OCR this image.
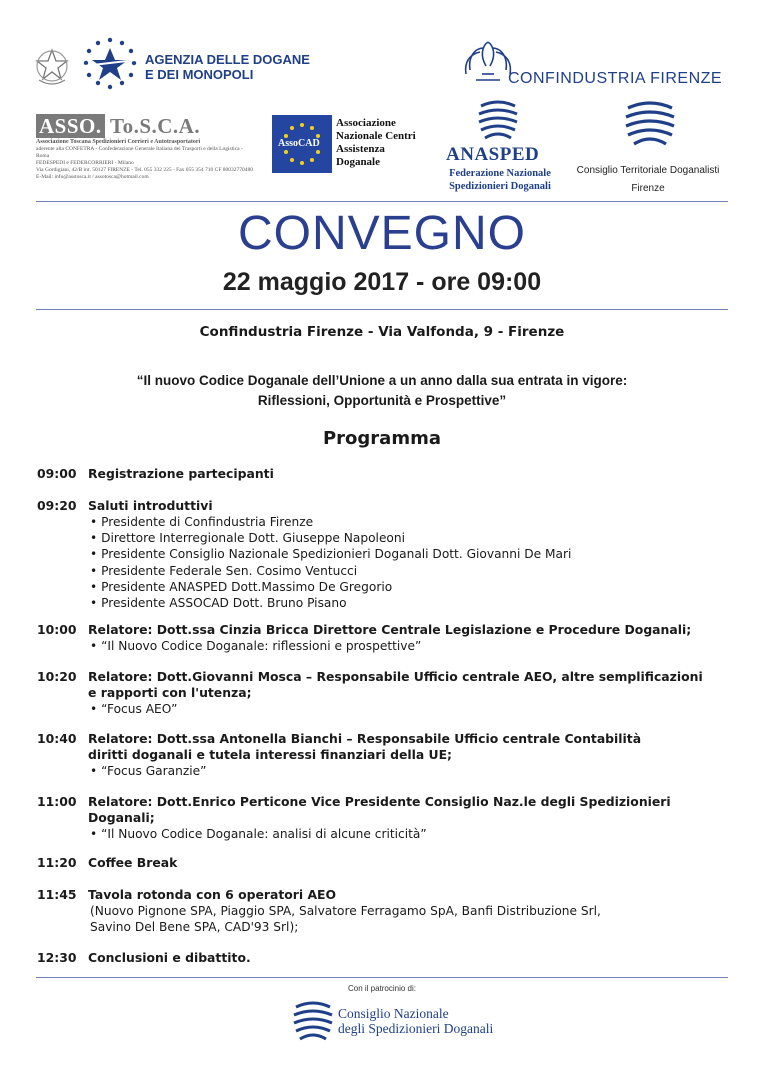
AGENZIA DELLE DOGANE
E DEI MONOPOLI	CONFINDUSTRIA FIRENZE
ASSO. To.S.C.A.
Associazione Toscana Spedizionieri Corrieri e Autotrasportatori
aderente alla CONFETRA - Confederazione Generale Italiana dei Trasporti e della Logistica - Roma
FEDESPEDI e FEDERCORRIERI - Milano
Via Gordigiani, 42/B int. 50127 FIRENZE - Tel. 055 332 225 - Fax 055 354 710 CF 80032770480
E-Mail: info@asstosca.it / assotosca@hotmail.com
AssoCAD
Associazione
Nazionale Centri
Assistenza
Doganale	ANASPED
Federazione Nazionale
Spedizionieri Doganali
Consiglio Territoriale Doganalisti
Firenze
CONVEGNO
22 maggio 2017 - ore 09:00
Confindustria Firenze - Via Valfonda, 9 - Firenze
“Il nuovo Codice Doganale dell’Unione a un anno dalla sua entrata in vigore:
Riflessioni, Opportunità e Prospettive”
Programma
09:00 Registrazione partecipanti
09:20 Saluti introduttivi
• Presidente di Confindustria Firenze
• Direttore Interregionale Dott. Giuseppe Napoleoni
• Presidente Consiglio Nazionale Spedizionieri Doganali Dott. Giovanni De Mari
• Presidente Federale Sen. Cosimo Ventucci
• Presidente ANASPED Dott.Massimo De Gregorio
• Presidente ASSOCAD Dott. Bruno Pisano
10:00 Relatore: Dott.ssa Cinzia Bricca Direttore Centrale Legislazione e Procedure Doganali;
• “Il Nuovo Codice Doganale: riflessioni e prospettive”
10:20 Relatore: Dott.Giovanni Mosca – Responsabile Ufficio centrale AEO, altre semplificazioni
e rapporti con l'utenza;
• “Focus AEO”
10:40 Relatore: Dott.ssa Antonella Bianchi – Responsabile Ufficio centrale Contabilità
diritti doganali e tutela interessi finanziari della UE;
• “Focus Garanzie”
11:00 Relatore: Dott.Enrico Perticone Vice Presidente Consiglio Naz.le degli Spedizionieri
Doganali;
• “Il Nuovo Codice Doganale: analisi di alcune criticità”
11:20 Coffee Break
11:45 Tavola rotonda con 6 operatori AEO
(Nuovo Pignone SPA, Piaggio SPA, Salvatore Ferragamo SpA, Banfi Distribuzione Srl,
Savino Del Bene SPA, CAD'93 Srl);
12:30 Conclusioni e dibattito.
Con il patrocinio di:
Consiglio Nazionale
degli Spedizionieri Doganali
